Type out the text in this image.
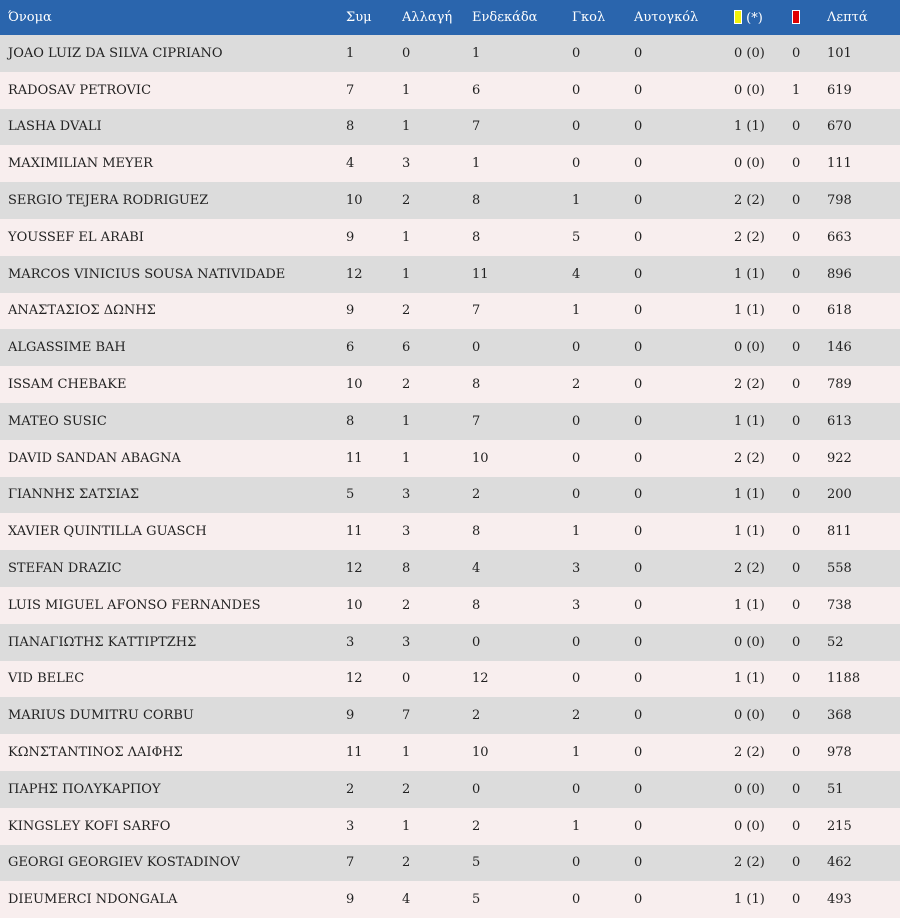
Όνομα	Συμ	Αλλαγή	Ενδεκάδα	Γκολ	Αυτογκόλ	(*)		Λεπτά
JOAO LUIZ DA SILVA CIPRIANO	1	0	1	0	0	0 (0)	0	101
RADOSAV PETROVIC	7	1	6	0	0	0 (0)	1	619
LASHA DVALI	8	1	7	0	0	1 (1)	0	670
MAXIMILIAN MEYER	4	3	1	0	0	0 (0)	0	111
SERGIO TEJERA RODRIGUEZ	10	2	8	1	0	2 (2)	0	798
YOUSSEF EL ARABI	9	1	8	5	0	2 (2)	0	663
MARCOS VINICIUS SOUSA NATIVIDADE	12	1	11	4	0	1 (1)	0	896
ΑΝΑΣΤΑΣΙΟΣ ΔΩΝΗΣ	9	2	7	1	0	1 (1)	0	618
ALGASSIME BAH	6	6	0	0	0	0 (0)	0	146
ISSAM CHEBAKE	10	2	8	2	0	2 (2)	0	789
MATEO SUSIC	8	1	7	0	0	1 (1)	0	613
DAVID SANDAN ABAGNA	11	1	10	0	0	2 (2)	0	922
ΓΙΑΝΝΗΣ ΣΑΤΣΙΑΣ	5	3	2	0	0	1 (1)	0	200
XAVIER QUINTILLA GUASCH	11	3	8	1	0	1 (1)	0	811
STEFAN DRAZIC	12	8	4	3	0	2 (2)	0	558
LUIS MIGUEL AFONSO FERNANDES	10	2	8	3	0	1 (1)	0	738
ΠΑΝΑΓΙΩΤΗΣ ΚΑΤΤΙΡΤΖΗΣ	3	3	0	0	0	0 (0)	0	52
VID BELEC	12	0	12	0	0	1 (1)	0	1188
MARIUS DUMITRU CORBU	9	7	2	2	0	0 (0)	0	368
ΚΩΝΣΤΑΝΤΙΝΟΣ ΛΑΙΦΗΣ	11	1	10	1	0	2 (2)	0	978
ΠΑΡΗΣ ΠΟΛΥΚΑΡΠΟΥ	2	2	0	0	0	0 (0)	0	51
KINGSLEY KOFI SARFO	3	1	2	1	0	0 (0)	0	215
GEORGI GEORGIEV KOSTADINOV	7	2	5	0	0	2 (2)	0	462
DIEUMERCI NDONGALA	9	4	5	0	0	1 (1)	0	493
